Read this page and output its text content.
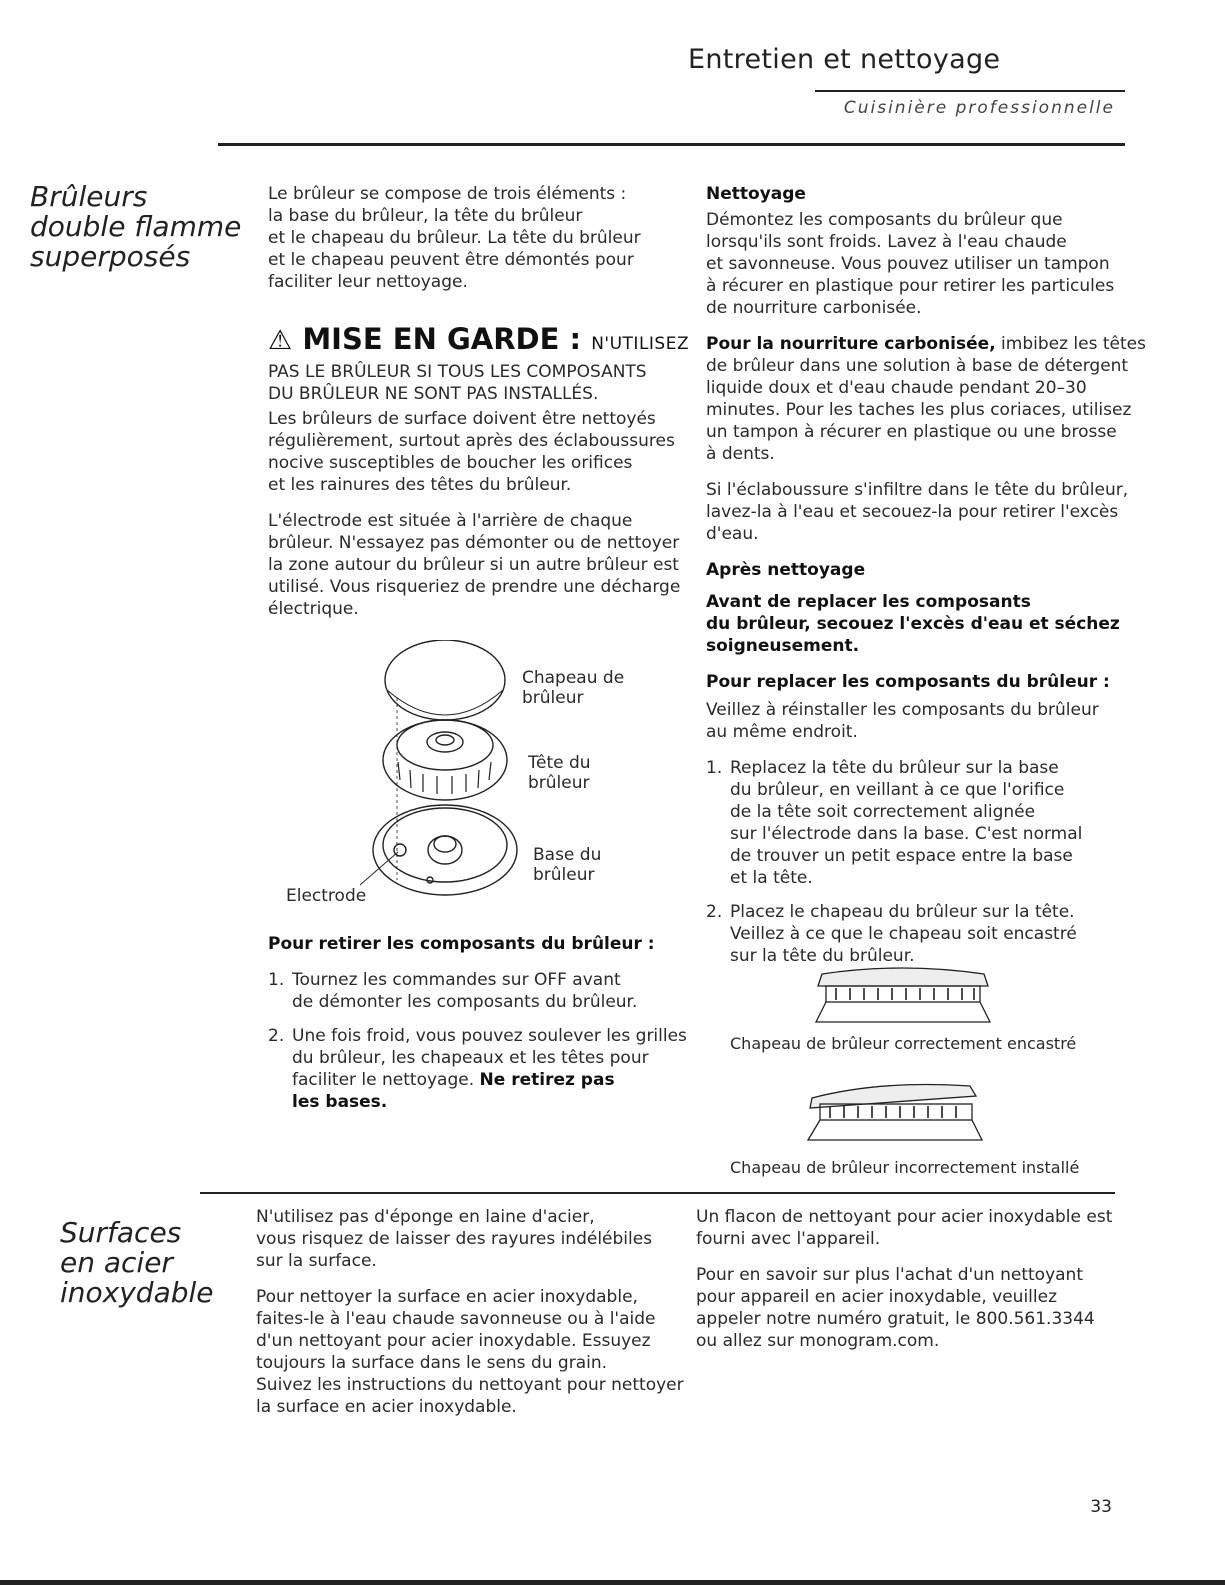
Entretien et nettoyage
Cuisinière professionnelle
Brûleurs
double flamme
superposés

Le brûleur se compose de trois éléments :
la base du brûleur, la tête du brûleur
et le chapeau du brûleur. La tête du brûleur
et le chapeau peuvent être démontés pour
faciliter leur nettoyage.

⚠ MISE EN GARDE : N'UTILISEZ
PAS LE BRÛLEUR SI TOUS LES COMPOSANTS
DU BRÛLEUR NE SONT PAS INSTALLÉS.

Les brûleurs de surface doivent être nettoyés
régulièrement, surtout après des éclaboussures
nocive susceptibles de boucher les orifices
et les rainures des têtes du brûleur.

L'électrode est située à l'arrière de chaque
brûleur. N'essayez pas démonter ou de nettoyer
la zone autour du brûleur si un autre brûleur est
utilisé. Vous risqueriez de prendre une décharge
électrique.

Chapeau de
brûleur
Tête du
brûleur
Base du
brûleur
Electrode
Pour retirer les composants du brûleur :
1. Tournez les commandes sur OFF avant
de démonter les composants du brûleur.
2. Une fois froid, vous pouvez soulever les grilles
du brûleur, les chapeaux et les têtes pour
faciliter le nettoyage. Ne retirez pas
les bases.
Nettoyage

Démontez les composants du brûleur que
lorsqu'ils sont froids. Lavez à l'eau chaude
et savonneuse. Vous pouvez utiliser un tampon
à récurer en plastique pour retirer les particules
de nourriture carbonisée.

Pour la nourriture carbonisée, imbibez les têtes
de brûleur dans une solution à base de détergent
liquide doux et d'eau chaude pendant 20–30
minutes. Pour les taches les plus coriaces, utilisez
un tampon à récurer en plastique ou une brosse
à dents.

Si l'éclaboussure s'infiltre dans le tête du brûleur,
lavez-la à l'eau et secouez-la pour retirer l'excès
d'eau.

Après nettoyage

Avant de replacer les composants
du brûleur, secouez l'excès d'eau et séchez
soigneusement.

Pour replacer les composants du brûleur :

Veillez à réinstaller les composants du brûleur
au même endroit.

1. Replacez la tête du brûleur sur la base
du brûleur, en veillant à ce que l'orifice
de la tête soit correctement alignée
sur l'électrode dans la base. C'est normal
de trouver un petit espace entre la base
et la tête.
2. Placez le chapeau du brûleur sur la tête.
Veillez à ce que le chapeau soit encastré
sur la tête du brûleur.
Chapeau de brûleur correctement encastré
Chapeau de brûleur incorrectement installé
Surfaces
en acier
inoxydable

N'utilisez pas d'éponge en laine d'acier,
vous risquez de laisser des rayures indélébiles
sur la surface.

Pour nettoyer la surface en acier inoxydable,
faites-le à l'eau chaude savonneuse ou à l'aide
d'un nettoyant pour acier inoxydable. Essuyez
toujours la surface dans le sens du grain.
Suivez les instructions du nettoyant pour nettoyer
la surface en acier inoxydable.

Un flacon de nettoyant pour acier inoxydable est
fourni avec l'appareil.

Pour en savoir sur plus l'achat d'un nettoyant
pour appareil en acier inoxydable, veuillez
appeler notre numéro gratuit, le 800.561.3344
ou allez sur monogram.com.

33
